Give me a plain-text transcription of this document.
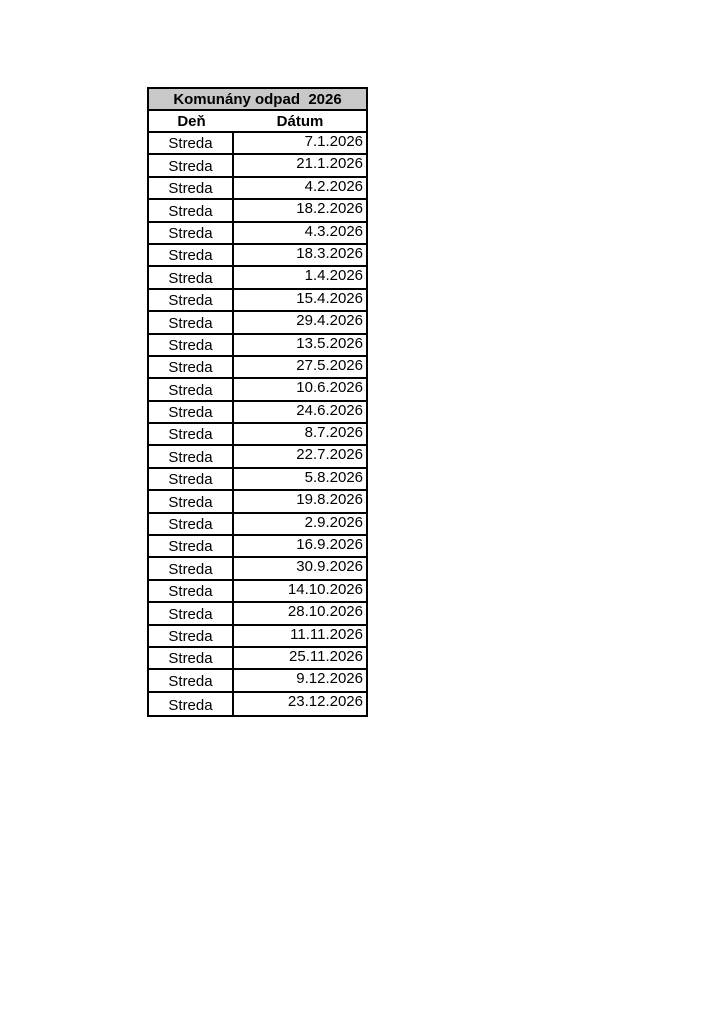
Komunány odpad  2026
Deň	Dátum
Streda	7.1.2026
Streda	21.1.2026
Streda	4.2.2026
Streda	18.2.2026
Streda	4.3.2026
Streda	18.3.2026
Streda	1.4.2026
Streda	15.4.2026
Streda	29.4.2026
Streda	13.5.2026
Streda	27.5.2026
Streda	10.6.2026
Streda	24.6.2026
Streda	8.7.2026
Streda	22.7.2026
Streda	5.8.2026
Streda	19.8.2026
Streda	2.9.2026
Streda	16.9.2026
Streda	30.9.2026
Streda	14.10.2026
Streda	28.10.2026
Streda	11.11.2026
Streda	25.11.2026
Streda	9.12.2026
Streda	23.12.2026
